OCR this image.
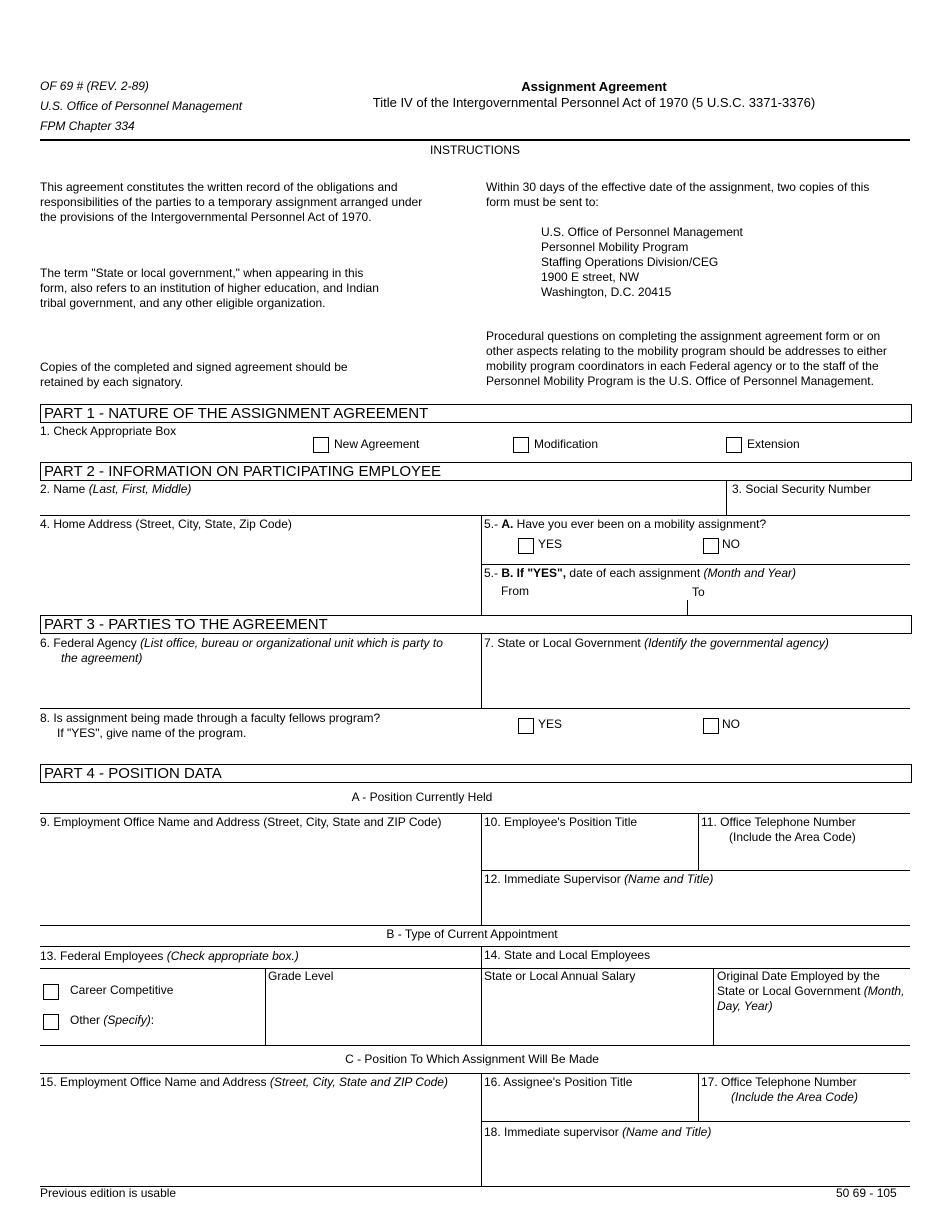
OF 69 # (REV. 2-89)
U.S. Office of Personnel Management
FPM Chapter 334
Assignment Agreement
Title IV of the Intergovernmental Personnel Act of 1970 (5 U.S.C. 3371-3376)
INSTRUCTIONS
This agreement constitutes the written record of the obligations and responsibilities of the parties to a temporary assignment arranged under the provisions of the Intergovernmental Personnel Act of 1970.
The term "State or local government," when appearing in this form, also refers to an institution of higher education, and Indian tribal government, and any other eligible organization.
Copies of the completed and signed agreement should be retained by each signatory.
Within 30 days of the effective date of the assignment, two copies of this form must be sent to:
U.S. Office of Personnel Management
Personnel Mobility Program
Staffing Operations Division/CEG
1900 E street, NW
Washington, D.C. 20415
Procedural questions on completing the assignment agreement form or on other aspects relating to the mobility program should be addresses to either mobility program coordinators in each Federal agency or to the staff of the Personnel Mobility Program is the U.S. Office of Personnel Management.
PART 1 - NATURE OF THE ASSIGNMENT AGREEMENT
1. Check Appropriate Box
New Agreement	Modification	Extension
PART 2 - INFORMATION ON PARTICIPATING EMPLOYEE
2. Name (Last, First, Middle)	3. Social Security Number
4. Home Address (Street, City, State, Zip Code)	5.- A. Have you ever been on a mobility assignment?
YES	NO
5.- B. If "YES", date of each assignment (Month and Year)
From	To
PART 3 - PARTIES TO THE AGREEMENT
6. Federal Agency (List office, bureau or organizational unit which is party to
the agreement)
7. State or Local Government (Identify the governmental agency)
8. Is assignment being made through a faculty fellows program?
If "YES", give name of the program.
YES	NO
PART 4 - POSITION DATA
A - Position Currently Held
9. Employment Office Name and Address (Street, City, State and ZIP Code)	10. Employee's Position Title	11. Office Telephone Number
(Include the Area Code)
12. Immediate Supervisor (Name and Title)
B - Type of Current Appointment
13. Federal Employees (Check appropriate box.)	14. State and Local Employees
Grade Level	State or Local Annual Salary	Original Date Employed by the
State or Local Government (Month,
Day, Year)
Career Competitive
Other (Specify):
C - Position To Which Assignment Will Be Made
15. Employment Office Name and Address (Street, City, State and ZIP Code)	16. Assignee's Position Title	17. Office Telephone Number
(Include the Area Code)
18. Immediate supervisor (Name and Title)
Previous edition is usable	50 69 - 105
